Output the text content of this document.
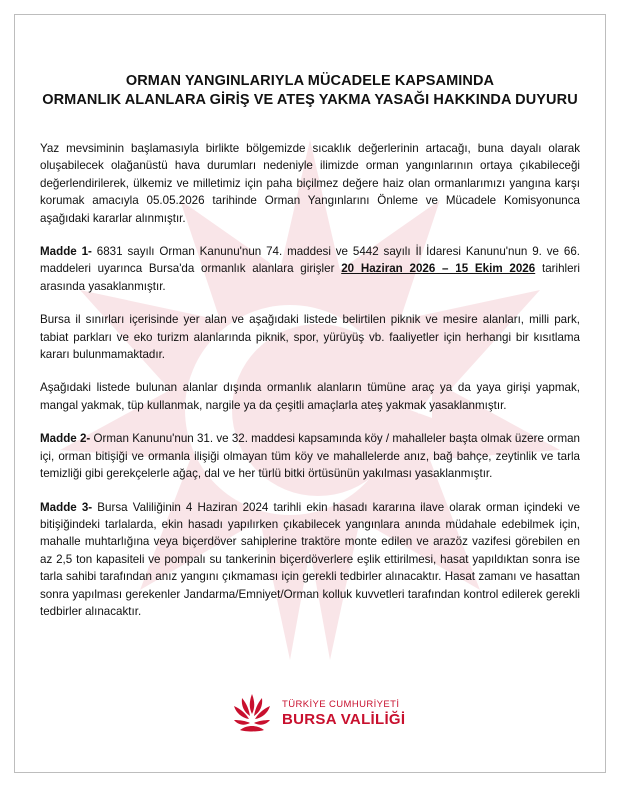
ORMAN YANGINLARIYLA MÜCADELE KAPSAMINDA
ORMANLIK ALANLARA GİRİŞ VE ATEŞ YAKMA YASAĞI HAKKINDA DUYURU

Yaz mevsiminin başlamasıyla birlikte bölgemizde sıcaklık değerlerinin artacağı, buna dayalı olarak oluşabilecek olağanüstü hava durumları nedeniyle ilimizde orman yangınlarının ortaya çıkabileceği değerlendirilerek, ülkemiz ve milletimiz için paha biçilmez değere haiz olan ormanlarımızı yangına karşı korumak amacıyla 05.05.2026 tarihinde Orman Yangınlarını Önleme ve Mücadele Komisyonunca aşağıdaki kararlar alınmıştır.

Madde 1- 6831 sayılı Orman Kanunu'nun 74. maddesi ve 5442 sayılı İl İdaresi Kanunu'nun 9. ve 66. maddeleri uyarınca Bursa'da ormanlık alanlara girişler 20 Haziran 2026 – 15 Ekim 2026 tarihleri arasında yasaklanmıştır.

Bursa il sınırları içerisinde yer alan ve aşağıdaki listede belirtilen piknik ve mesire alanları, milli park, tabiat parkları ve eko turizm alanlarında piknik, spor, yürüyüş vb. faaliyetler için herhangi bir kısıtlama kararı bulunmamaktadır.

Aşağıdaki listede bulunan alanlar dışında ormanlık alanların tümüne araç ya da yaya girişi yapmak, mangal yakmak, tüp kullanmak, nargile ya da çeşitli amaçlarla ateş yakmak yasaklanmıştır.

Madde 2- Orman Kanunu'nun 31. ve 32. maddesi kapsamında köy / mahalleler başta olmak üzere orman içi, orman bitişiği ve ormanla ilişiği olmayan tüm köy ve mahallelerde anız, bağ bahçe, zeytinlik ve tarla temizliği gibi gerekçelerle ağaç, dal ve her türlü bitki örtüsünün yakılması yasaklanmıştır.

Madde 3- Bursa Valiliğinin 4 Haziran 2024 tarihli ekin hasadı kararına ilave olarak orman içindeki ve bitişiğindeki tarlalarda, ekin hasadı yapılırken çıkabilecek yangınlara anında müdahale edebilmek için, mahalle muhtarlığına veya biçerdöver sahiplerine traktöre monte edilen ve arazöz vazifesi görebilen en az 2,5 ton kapasiteli ve pompalı su tankerinin biçerdöverlere eşlik ettirilmesi, hasat yapıldıktan sonra ise tarla sahibi tarafından anız yangını çıkmaması için gerekli tedbirler alınacaktır. Hasat zamanı ve hasattan sonra yapılması gerekenler Jandarma/Emniyet/Orman kolluk kuvvetleri tarafından kontrol edilerek gerekli tedbirler alınacaktır.

TÜRKİYE CUMHURİYETİ
BURSA VALİLİĞİ
